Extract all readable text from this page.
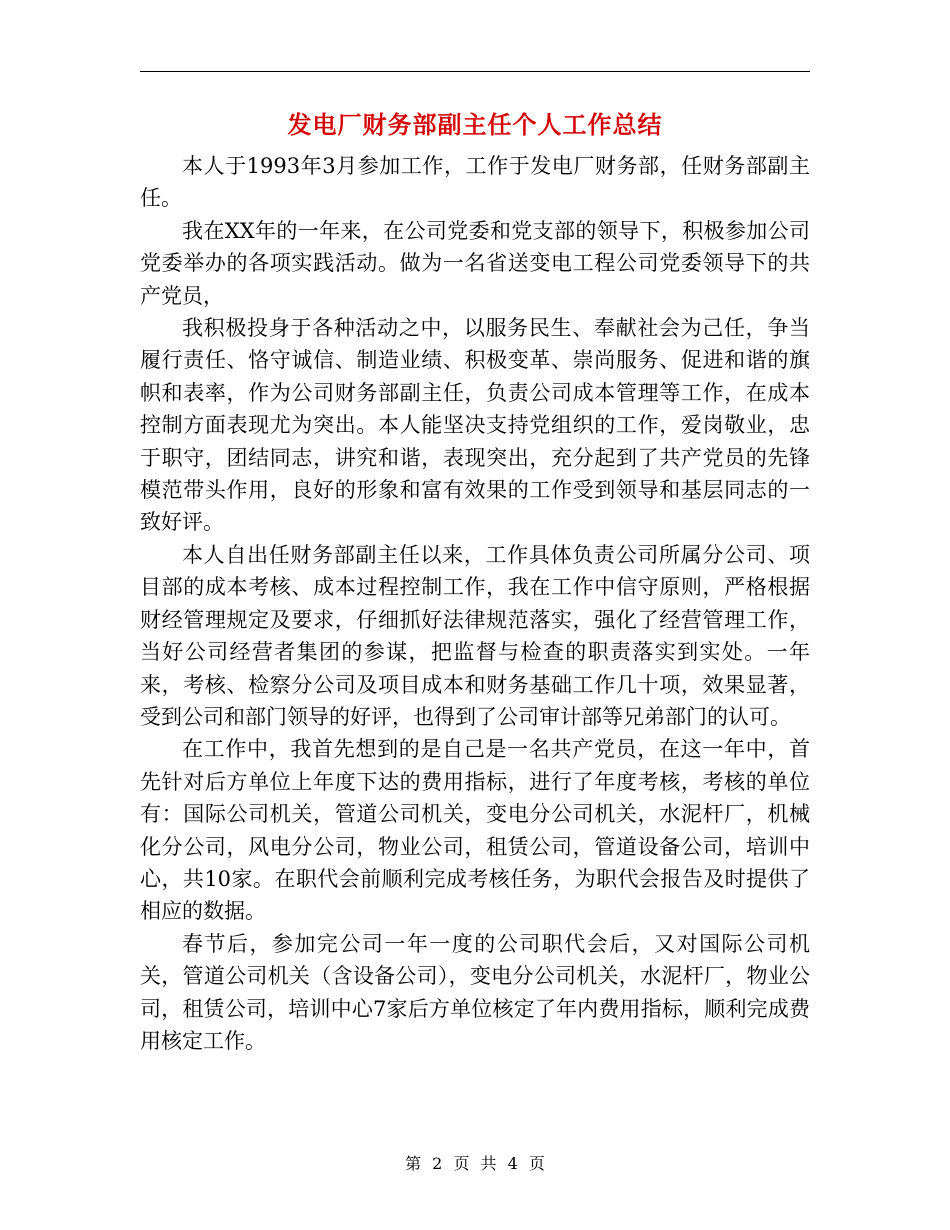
发电厂财务部副主任个人工作总结

本人于1993年3月参加工作，工作于发电厂财务部，任财务部副主任。

我在XX年的一年来，在公司党委和党支部的领导下，积极参加公司党委举办的各项实践活动。做为一名省送变电工程公司党委领导下的共产党员，

我积极投身于各种活动之中，以服务民生、奉献社会为己任，争当履行责任、恪守诚信、制造业绩、积极变革、崇尚服务、促进和谐的旗帜和表率，作为公司财务部副主任，负责公司成本管理等工作，在成本控制方面表现尤为突出。本人能坚决支持党组织的工作，爱岗敬业，忠于职守，团结同志，讲究和谐，表现突出，充分起到了共产党员的先锋模范带头作用，良好的形象和富有效果的工作受到领导和基层同志的一致好评。

本人自出任财务部副主任以来，工作具体负责公司所属分公司、项目部的成本考核、成本过程控制工作，我在工作中信守原则，严格根据财经管理规定及要求，仔细抓好法律规范落实，强化了经营管理工作，当好公司经营者集团的参谋，把监督与检查的职责落实到实处。一年来，考核、检察分公司及项目成本和财务基础工作几十项，效果显著，受到公司和部门领导的好评，也得到了公司审计部等兄弟部门的认可。

在工作中，我首先想到的是自己是一名共产党员，在这一年中，首先针对后方单位上年度下达的费用指标，进行了年度考核，考核的单位有：国际公司机关，管道公司机关，变电分公司机关，水泥杆厂，机械化分公司，风电分公司，物业公司，租赁公司，管道设备公司，培训中心，共10家。在职代会前顺利完成考核任务，为职代会报告及时提供了相应的数据。

春节后，参加完公司一年一度的公司职代会后，又对国际公司机关，管道公司机关（含设备公司），变电分公司机关，水泥杆厂，物业公司，租赁公司，培训中心7家后方单位核定了年内费用指标，顺利完成费用核定工作。

第 2 页 共 4 页
